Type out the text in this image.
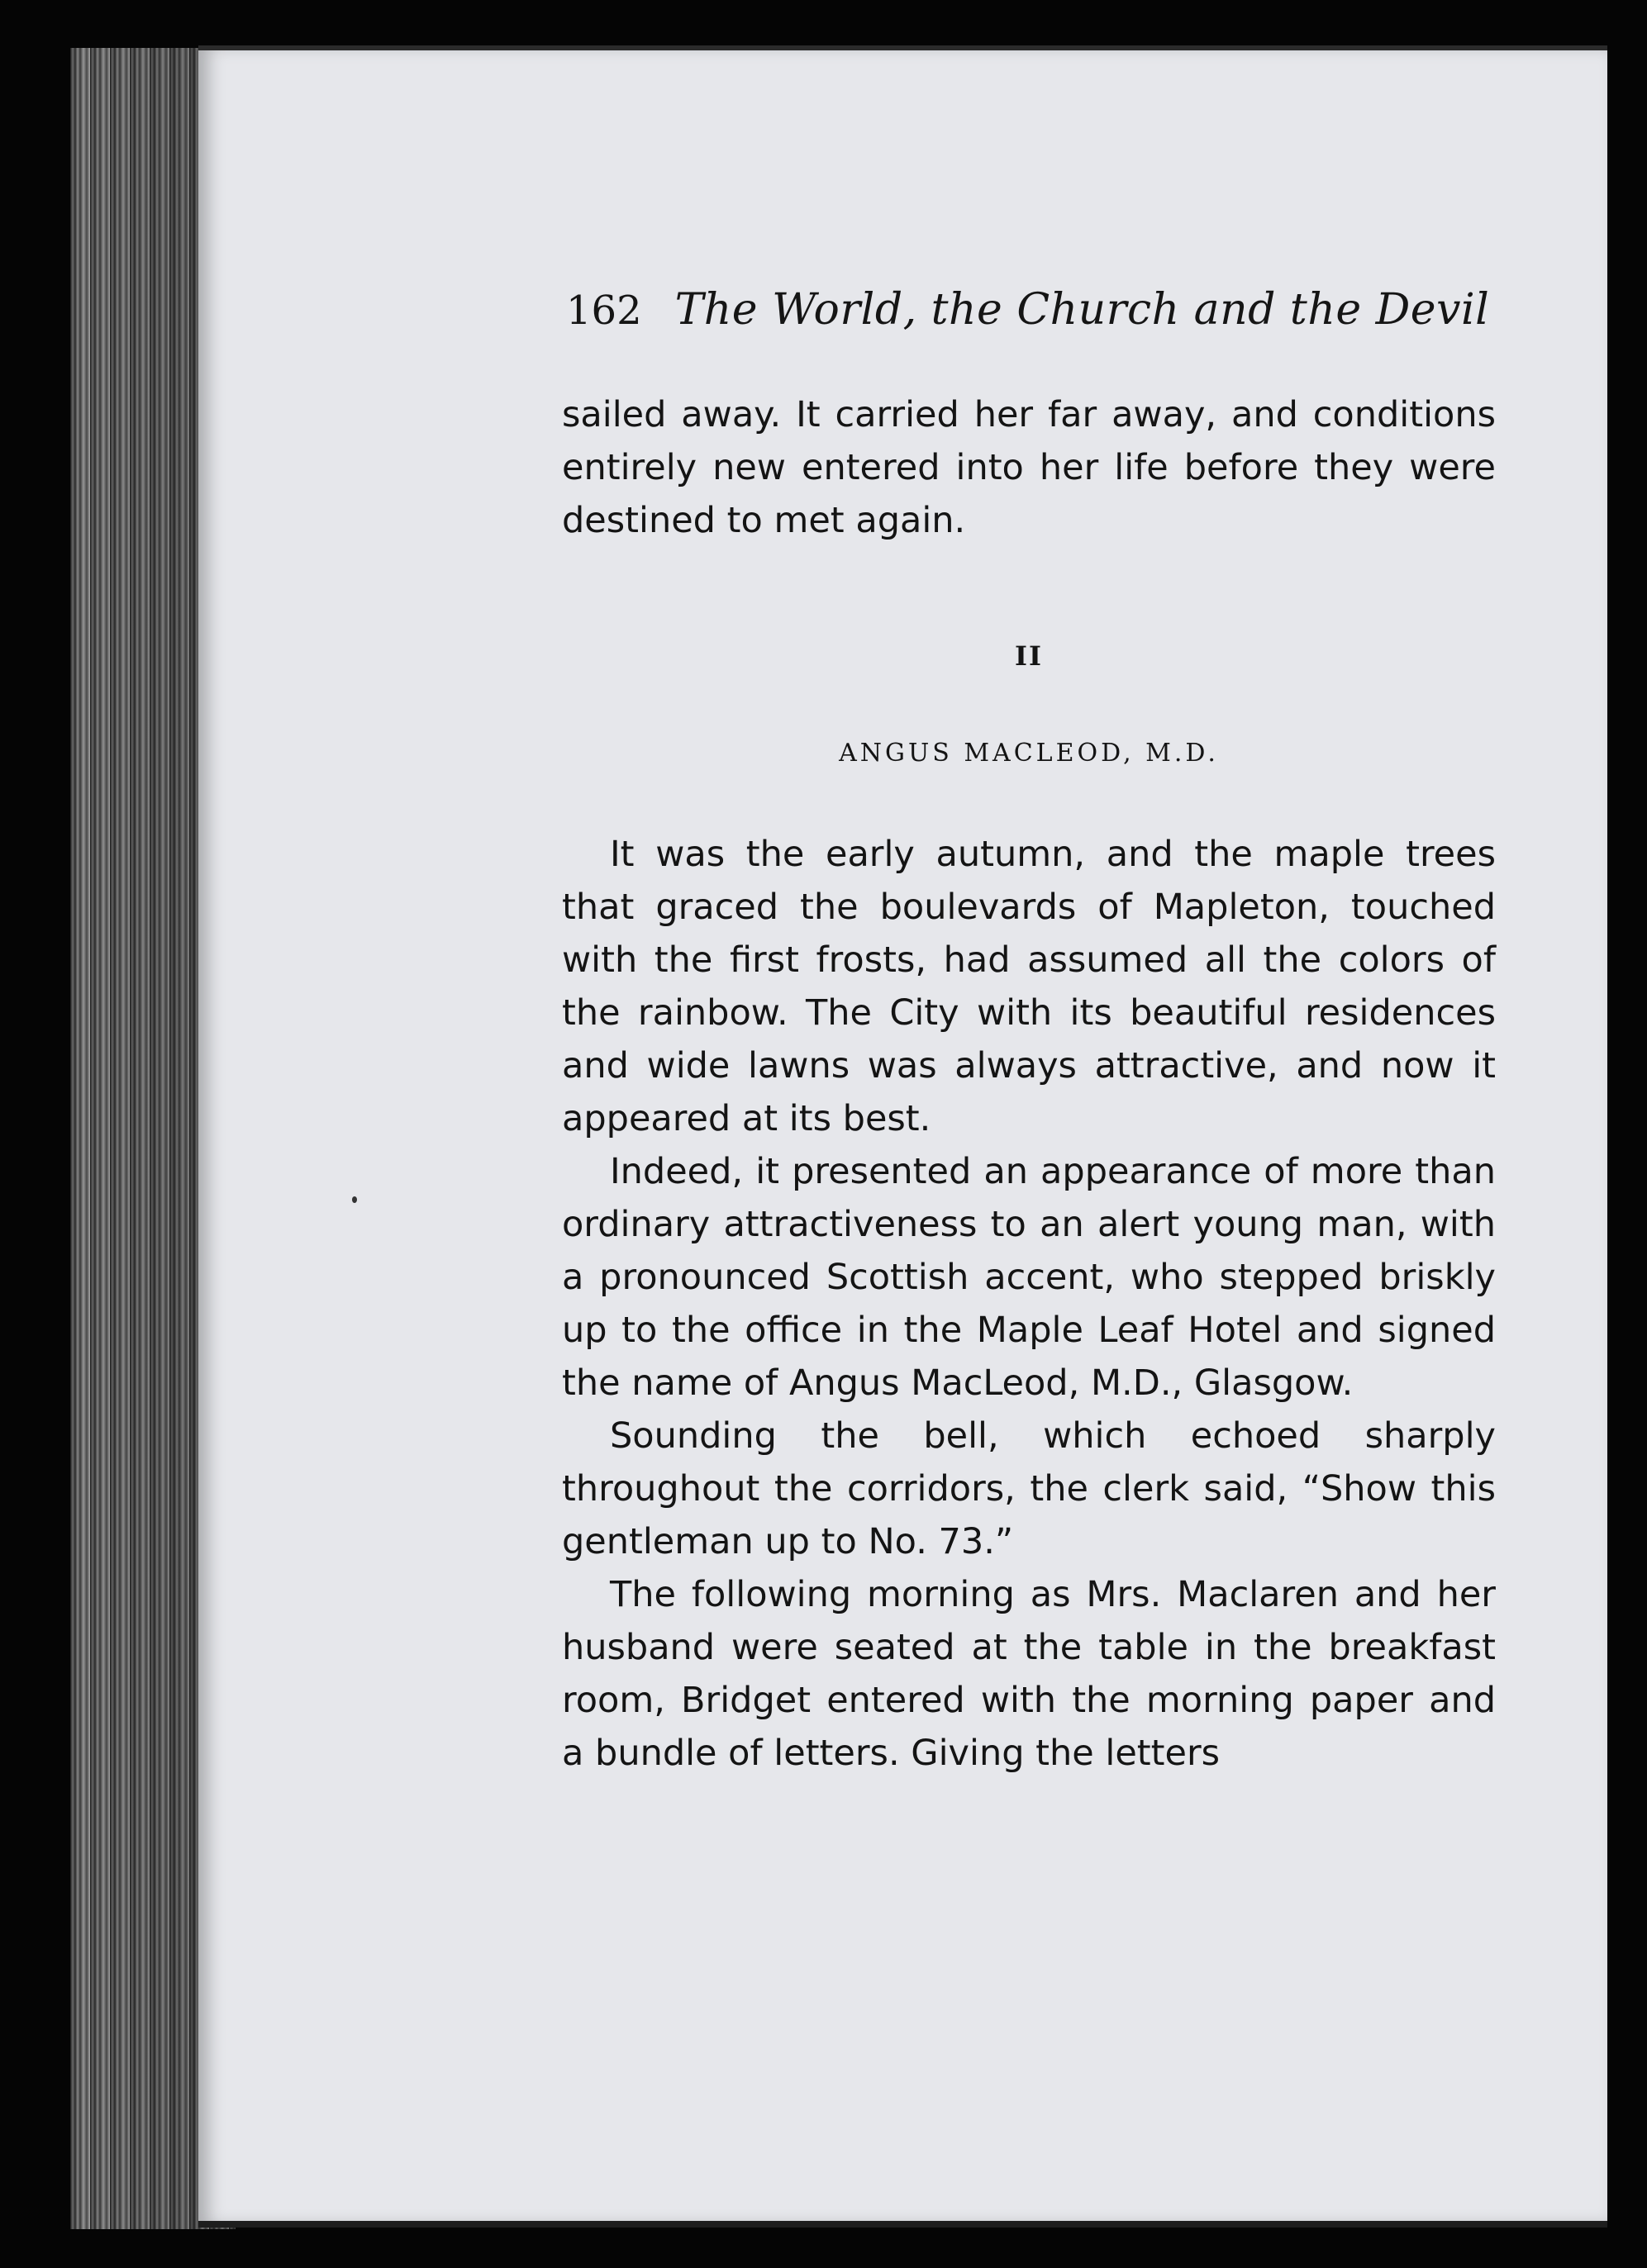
162 The World, the Church and the Devil

sailed away. It carried her far away, and conditions entirely new entered into her life before they were destined to met again.

II
ANGUS MACLEOD, M.D.

It was the early autumn, and the maple trees that graced the boulevards of Mapleton, touched with the first frosts, had assumed all the colors of the rainbow. The City with its beautiful residences and wide lawns was always attractive, and now it appeared at its best.

Indeed, it presented an appearance of more than ordinary attractiveness to an alert young man, with a pronounced Scottish accent, who stepped briskly up to the office in the Maple Leaf Hotel and signed the name of Angus MacLeod, M.D., Glasgow.

Sounding the bell, which echoed sharply throughout the corridors, the clerk said, “Show this gentleman up to No. 73.”

The following morning as Mrs. Maclaren and her husband were seated at the table in the breakfast room, Bridget entered with the morning paper and a bundle of letters. Giving the letters
